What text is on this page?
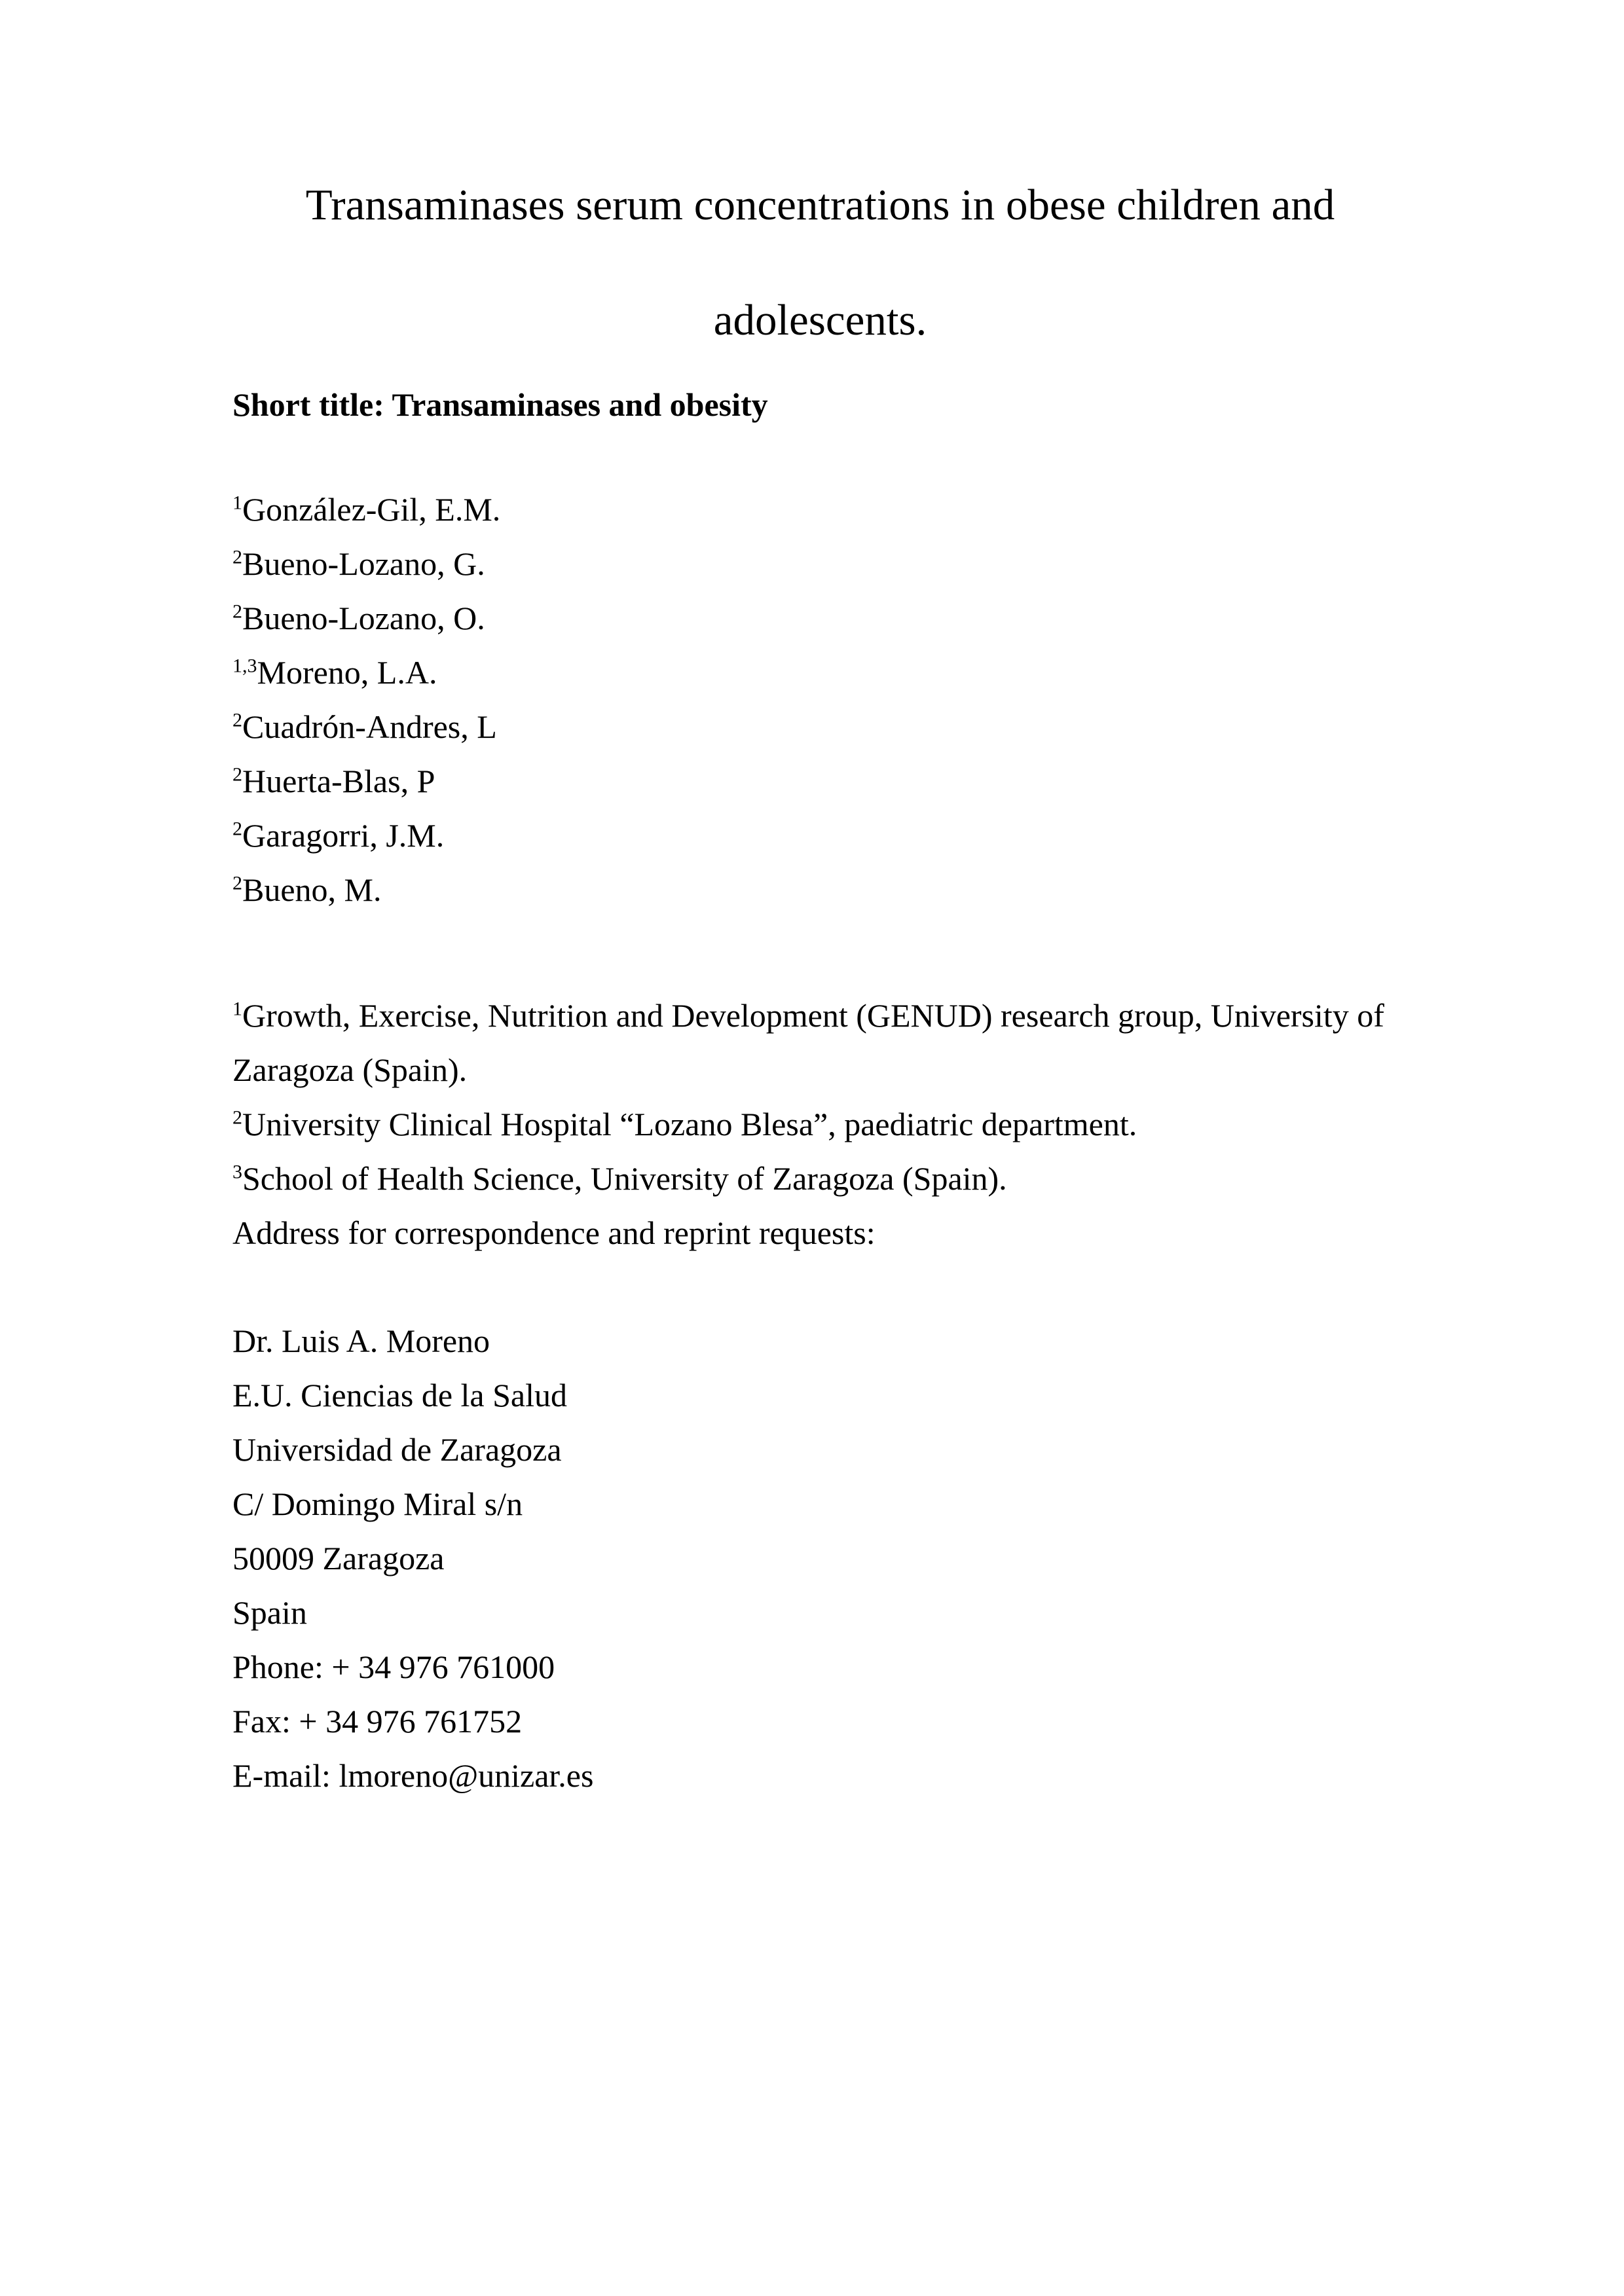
Transaminases serum concentrations in obese children and adolescents.

Short title: Transaminases and obesity

$^1$González-Gil, E.M.

$^2$Bueno-Lozano, G.

$^2$Bueno-Lozano, O.

$^{1,3}$Moreno, L.A.

$^2$Cuadrón-Andres, L

$^2$Huerta-Blas, P

$^2$Garagorri, J.M.

$^2$Bueno, M.

$^1$Growth, Exercise, Nutrition and Development (GENUD) research group, University of Zaragoza (Spain).

$^2$University Clinical Hospital “Lozano Blesa”, paediatric department.

$^3$School of Health Science, University of Zaragoza (Spain).

Address for correspondence and reprint requests:

Dr. Luis A. Moreno

E.U. Ciencias de la Salud

Universidad de Zaragoza

C/ Domingo Miral s/n

50009 Zaragoza

Spain

Phone: + 34 976 761000

Fax: + 34 976 761752

E-mail: lmoreno@unizar.es
